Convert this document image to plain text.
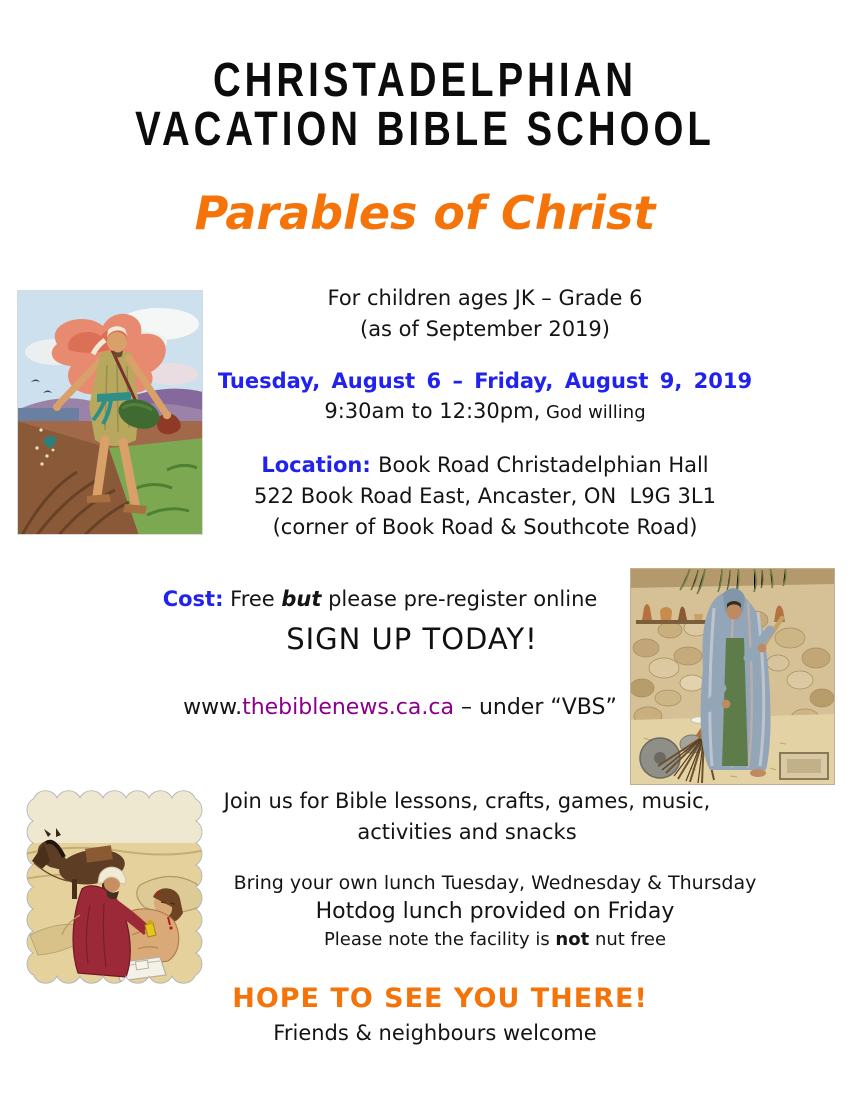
CHRISTADELPHIAN
VACATION BIBLE SCHOOL
Parables of Christ
For children ages JK – Grade 6
(as of September 2019)
Tuesday, August 6 – Friday, August 9, 2019
9:30am to 12:30pm, God willing
Location: Book Road Christadelphian Hall
522 Book Road East, Ancaster, ON  L9G 3L1
(corner of Book Road & Southcote Road)
Cost: Free but please pre-register online
SIGN UP TODAY!
www.thebiblenews.ca.ca – under “VBS”
Join us for Bible lessons, crafts, games, music,
activities and snacks
Bring your own lunch Tuesday, Wednesday & Thursday
Hotdog lunch provided on Friday
Please note the facility is not nut free
HOPE TO SEE YOU THERE!
Friends & neighbours welcome
